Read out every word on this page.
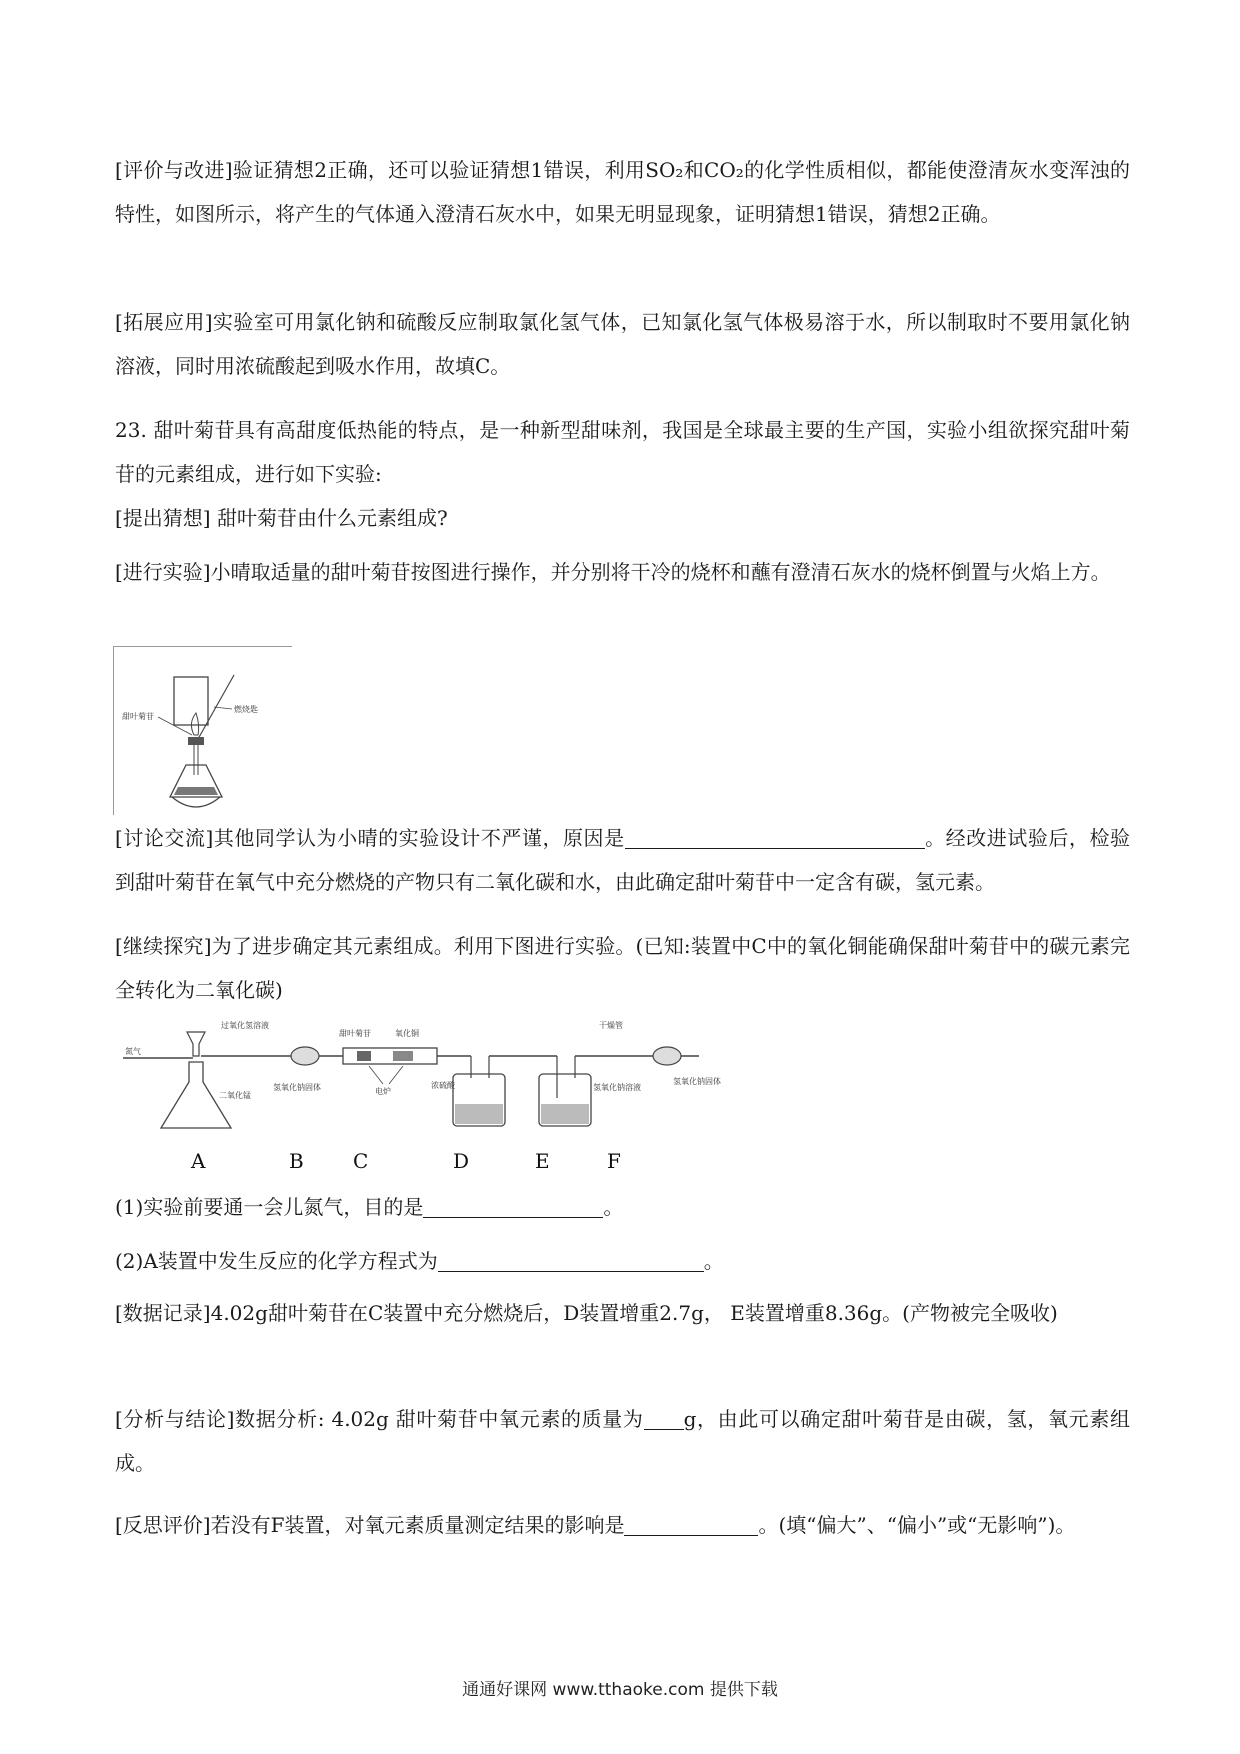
[评价与改进]验证猜想2正确，还可以验证猜想1错误，利用SO₂和CO₂的化学性质相似，都能使澄清灰水变浑浊的特性，如图所示，将产生的气体通入澄清石灰水中，如果无明显现象，证明猜想1错误，猜想2正确。

[拓展应用]实验室可用氯化钠和硫酸反应制取氯化氢气体，已知氯化氢气体极易溶于水，所以制取时不要用氯化钠溶液，同时用浓硫酸起到吸水作用，故填C。

23. 甜叶菊苷具有高甜度低热能的特点，是一种新型甜味剂，我国是全球最主要的生产国，实验小组欲探究甜叶菊苷的元素组成，进行如下实验:

[提出猜想] 甜叶菊苷由什么元素组成?

[进行实验]小晴取适量的甜叶菊苷按图进行操作，并分别将干冷的烧杯和蘸有澄清石灰水的烧杯倒置与火焰上方。

燃烧匙
甜叶菊苷

[讨论交流]其他同学认为小晴的实验设计不严谨，原因是	。经改进试验后，检验到甜叶菊苷在氧气中充分燃烧的产物只有二氧化碳和水，由此确定甜叶菊苷中一定含有碳，氢元素。

[继续探究]为了进步确定其元素组成。利用下图进行实验。(已知:装置中C中的氧化铜能确保甜叶菊苷中的碳元素完全转化为二氧化碳)

氮气
过氧化氢溶液
二氧化锰
氢氧化钠固体
甜叶菊苷	氧化铜
电炉
浓硫酸	氢氧化钠溶液
干燥管
氢氧化钠固体
A	B C	D	E	F

(1)实验前要通一会儿氮气，目的是	。

(2)A装置中发生反应的化学方程式为	。

[数据记录]4.02g甜叶菊苷在C装置中充分燃烧后，D装置增重2.7g， E装置增重8.36g。(产物被完全吸收)

[分析与结论]数据分析: 4.02g 甜叶菊苷中氧元素的质量为 g，由此可以确定甜叶菊苷是由碳，氢，氧元素组成。

[反思评价]若没有F装置，对氧元素质量测定结果的影响是	。(填“偏大”、“偏小”或“无影响”)。

通通好课网 www.tthaoke.com 提供下载
